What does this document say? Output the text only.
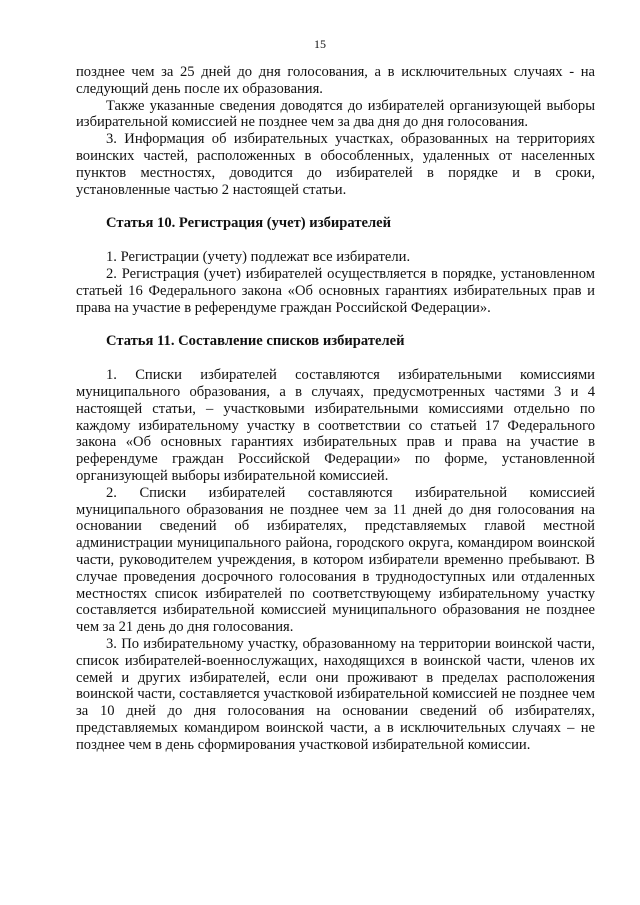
15

позднее чем за 25 дней до дня голосования, а в исключительных случаях - на следующий день после их образования.

Также указанные сведения доводятся до избирателей организующей выборы избирательной комиссией не позднее чем за два дня до дня голосования.

3. Информация об избирательных участках, образованных на территориях воинских частей, расположенных в обособленных, удаленных от населенных пунктов местностях, доводится до избирателей в порядке и в сроки, установленные частью 2 настоящей статьи.

Статья 10. Регистрация (учет) избирателей

1. Регистрации (учету) подлежат все избиратели.

2. Регистрация (учет) избирателей осуществляется в порядке, установленном статьей 16 Федерального закона «Об основных гарантиях избирательных прав и права на участие в референдуме граждан Российской Федерации».

Статья 11. Составление списков избирателей

1. Списки избирателей составляются избирательными комиссиями муниципального образования, а в случаях, предусмотренных частями 3 и 4 настоящей статьи, – участковыми избирательными комиссиями отдельно по каждому избирательному участку в соответствии со статьей 17 Федерального закона «Об основных гарантиях избирательных прав и права на участие в референдуме граждан Российской Федерации» по форме, установленной организующей выборы избирательной комиссией.

2. Списки избирателей составляются избирательной комиссией муниципального образования не позднее чем за 11 дней до дня голосования на основании сведений об избирателях, представляемых главой местной администрации муниципального района, городского округа, командиром воинской части, руководителем учреждения, в котором избиратели временно пребывают. В случае проведения досрочного голосования в труднодоступных или отдаленных местностях список избирателей по соответствующему избирательному участку составляется избирательной комиссией муниципального образования не позднее чем за 21 день до дня голосования.

3. По избирательному участку, образованному на территории воинской части, список избирателей-военнослужащих, находящихся в воинской части, членов их семей и других избирателей, если они проживают в пределах расположения воинской части, составляется участковой избирательной комиссией не позднее чем за 10 дней до дня голосования на основании сведений об избирателях, представляемых командиром воинской части, а в исключительных случаях – не позднее чем в день сформирования участковой избирательной комиссии.
